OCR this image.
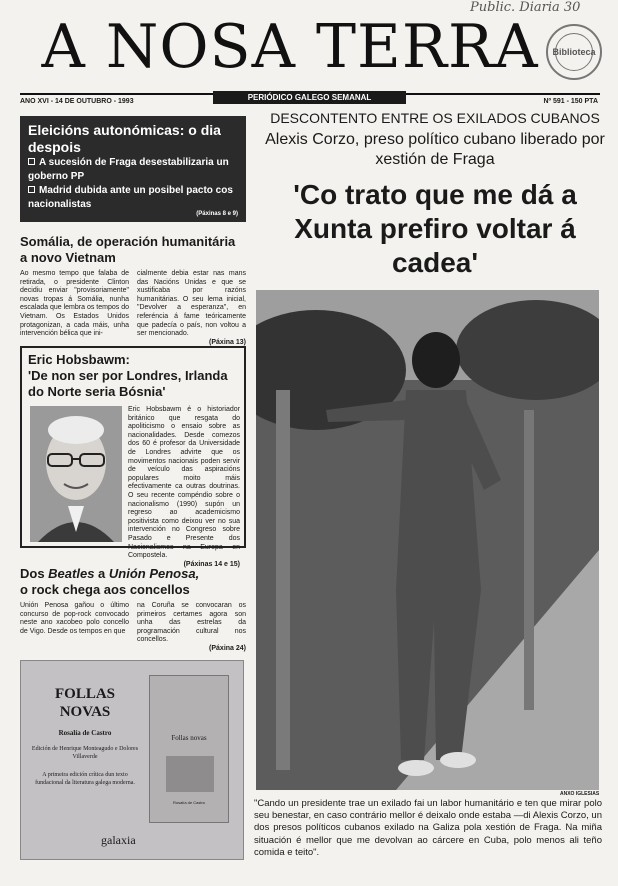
Public. Diaria 30
A NOSA TERRA Biblioteca
PERIÓDICO GALEGO SEMANAL
ANO XVI - 14 DE OUTUBRO - 1993	Nº 591 - 150 PTA
Eleicións autonómicas: o dia despois

A sucesión de Fraga desestabilizaria un goberno PP

Madrid dubida ante un posibel pacto cos nacionalistas

(Páxinas 8 e 9)
Somália, de operación humanitária a novo Vietnam
Ao mesmo tempo que falaba de retirada, o presidente Clinton decidiu enviar "provisoriamente" novas tropas á Somália, nunha escalada que lembra os tempos do Vietnam. Os Estados Unidos protagonizan, a cada máis, unha intervención bélica que ini-
cialmente debia estar nas mans das Nacións Unidas e que se xustificaba por razóns humanitárias. O seu lema inicial, "Devolver a esperanza", en referéncia á fame teóricamente que padecía o país, non voltou a ser mencionado.
(Páxina 13)
Eric Hobsbawm:
'De non ser por Londres, Irlanda do Norte seria Bósnia'
Eric Hobsbawm é o historiador británico que resgata do apoliticismo o ensaio sobre as nacionalidades. Desde comezos dos 60 é profesor da Universidade de Londres advirte que os movimentos nacionais poden servir de veículo das aspiracións populares moito máis efectivamente ca outras doutrinas. O seu recente compéndio sobre o nacionalismo (1990) supón un regreso ao academicismo positivista como deixou ver no sua intervención no Congreso sobre Pasado e Presente dos Nacionalismos na Europa en Compostela.
(Páxinas 14 e 15)
Dos Beatles a Unión Penosa,
o rock chega aos concellos
Unión Penosa gañou o último concurso de pop-rock convocado neste ano xacobeo polo concello de Vigo. Desde os tempos en que
na Coruña se convocaran os primeiros certames agora son unha das estrelas da programación cultural nos concellos.
(Páxina 24)
FOLLAS NOVAS
Rosalía de Castro
Edición de Henrique Monteagudo e Dolores Villaverde
A primeira edición crítica dun texto fundacional da literatura galega moderna.
Follas novas
Rosalía de Castro
galaxia
DESCONTENTO ENTRE OS EXILADOS CUBANOS
Alexis Corzo, preso político cubano liberado por xestión de Fraga
'Co trato que me dá a Xunta prefiro voltar á cadea'
ANXO IGLESIAS
"Cando un presidente trae un exilado fai un labor humanitário e ten que mirar polo seu benestar, en caso contrário mellor é deixalo onde estaba —di Alexis Corzo, un dos presos políticos cubanos exilado na Galiza pola xestión de Fraga. Na miña situación é mellor que me devolvan ao cárcere en Cuba, polo menos ali teño comida e teito".
